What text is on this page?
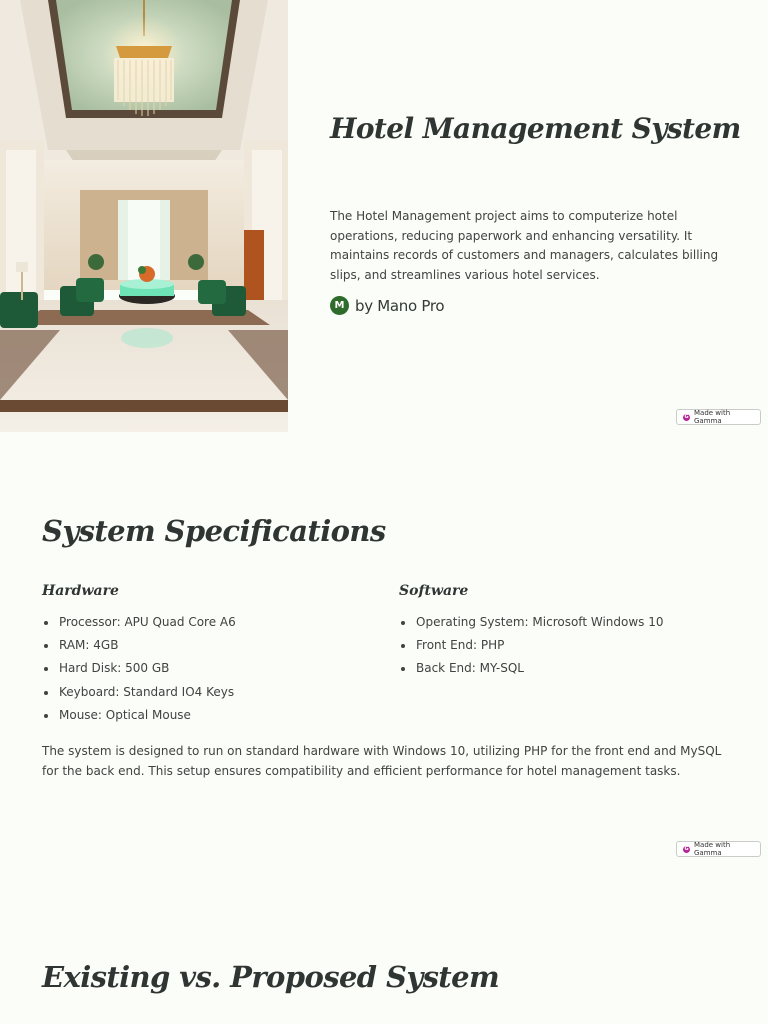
Hotel Management System

The Hotel Management project aims to computerize hotel operations, reducing paperwork and enhancing versatility. It maintains records of customers and managers, calculates billing slips, and streamlines various hotel services.

M by Mano Pro
G Made with Gamma
System Specifications
Hardware
Processor: APU Quad Core A6
RAM: 4GB
Hard Disk: 500 GB
Keyboard: Standard IO4 Keys
Mouse: Optical Mouse
Software
Operating System: Microsoft Windows 10
Front End: PHP
Back End: MY-SQL

The system is designed to run on standard hardware with Windows 10, utilizing PHP for the front end and MySQL for the back end. This setup ensures compatibility and efficient performance for hotel management tasks.

G Made with Gamma
Existing vs. Proposed System
